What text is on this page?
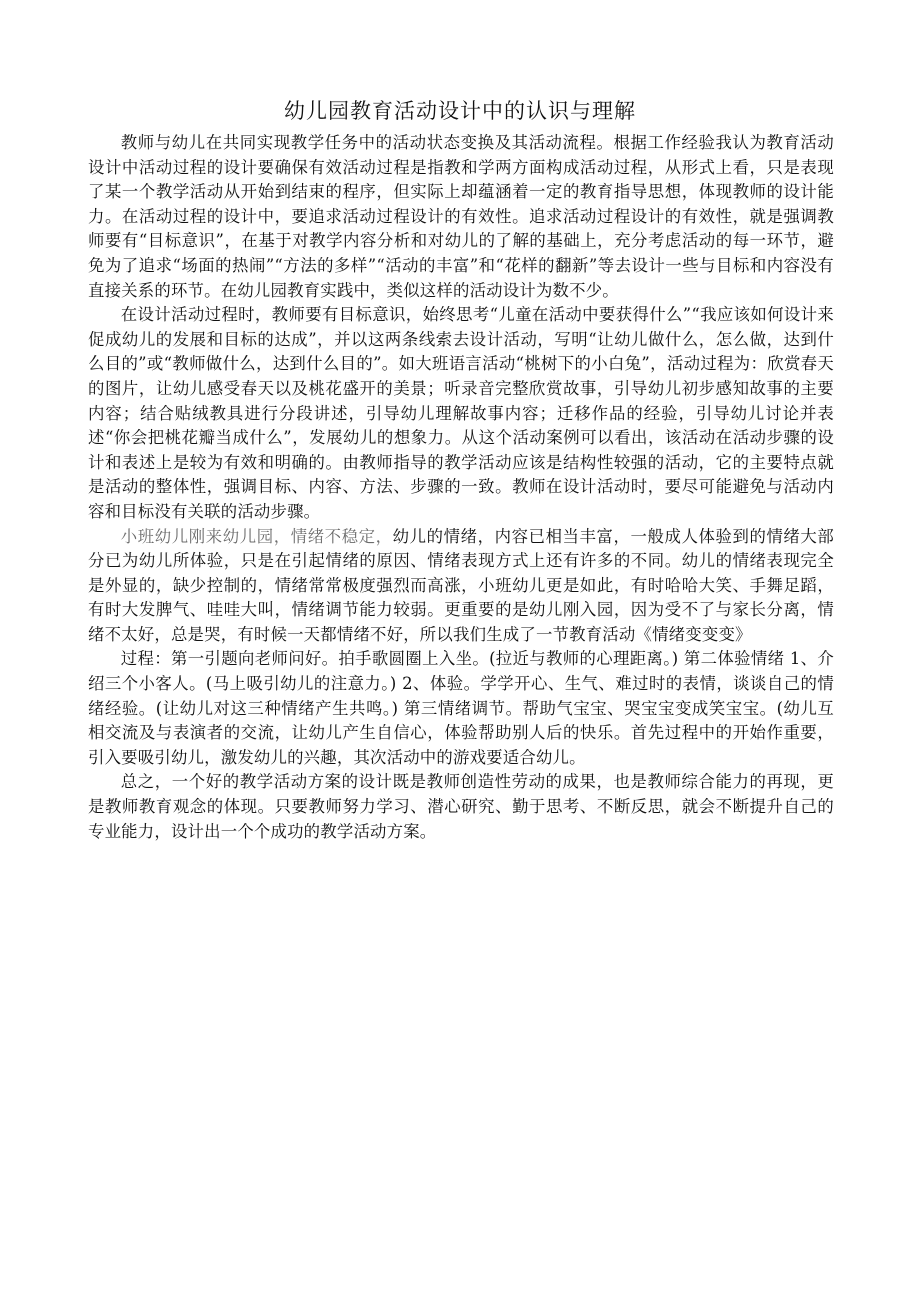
幼儿园教育活动设计中的认识与理解

教师与幼儿在共同实现教学任务中的活动状态变换及其活动流程。根据工作经验我认为教育活动设计中活动过程的设计要确保有效活动过程是指教和学两方面构成活动过程，从形式上看，只是表现了某一个教学活动从开始到结束的程序，但实际上却蕴涵着一定的教育指导思想，体现教师的设计能力。在活动过程的设计中，要追求活动过程设计的有效性。追求活动过程设计的有效性，就是强调教师要有“目标意识”，在基于对教学内容分析和对幼儿的了解的基础上，充分考虑活动的每一环节，避免为了追求“场面的热闹”“方法的多样”“活动的丰富”和“花样的翻新”等去设计一些与目标和内容没有直接关系的环节。在幼儿园教育实践中，类似这样的活动设计为数不少。

在设计活动过程时，教师要有目标意识，始终思考“儿童在活动中要获得什么”“我应该如何设计来促成幼儿的发展和目标的达成”，并以这两条线索去设计活动，写明“让幼儿做什么，怎么做，达到什么目的”或“教师做什么，达到什么目的”。如大班语言活动“桃树下的小白兔”，活动过程为：欣赏春天的图片，让幼儿感受春天以及桃花盛开的美景；听录音完整欣赏故事，引导幼儿初步感知故事的主要内容；结合贴绒教具进行分段讲述，引导幼儿理解故事内容；迁移作品的经验，引导幼儿讨论并表述“你会把桃花瓣当成什么”，发展幼儿的想象力。从这个活动案例可以看出，该活动在活动步骤的设计和表述上是较为有效和明确的。由教师指导的教学活动应该是结构性较强的活动，它的主要特点就是活动的整体性，强调目标、内容、方法、步骤的一致。教师在设计活动时，要尽可能避免与活动内容和目标没有关联的活动步骤。

小班幼儿刚来幼儿园，情绪不稳定，幼儿的情绪，内容已相当丰富，一般成人体验到的情绪大部分已为幼儿所体验，只是在引起情绪的原因、情绪表现方式上还有许多的不同。幼儿的情绪表现完全是外显的，缺少控制的，情绪常常极度强烈而高涨，小班幼儿更是如此，有时哈哈大笑、手舞足蹈，有时大发脾气、哇哇大叫，情绪调节能力较弱。更重要的是幼儿刚入园，因为受不了与家长分离，情绪不太好，总是哭，有时候一天都情绪不好，所以我们生成了一节教育活动《情绪变变变》

过程：第一引题向老师问好。拍手歌圆圈上入坐。(拉近与教师的心理距离。) 第二体验情绪 1、介绍三个小客人。(马上吸引幼儿的注意力。) 2、体验。学学开心、生气、难过时的表情，谈谈自己的情绪经验。(让幼儿对这三种情绪产生共鸣。) 第三情绪调节。帮助气宝宝、哭宝宝变成笑宝宝。(幼儿互相交流及与表演者的交流，让幼儿产生自信心，体验帮助别人后的快乐。首先过程中的开始作重要，引入要吸引幼儿，激发幼儿的兴趣，其次活动中的游戏要适合幼儿。

总之，一个好的教学活动方案的设计既是教师创造性劳动的成果，也是教师综合能力的再现，更是教师教育观念的体现。只要教师努力学习、潜心研究、勤于思考、不断反思，就会不断提升自己的专业能力，设计出一个个成功的教学活动方案。
